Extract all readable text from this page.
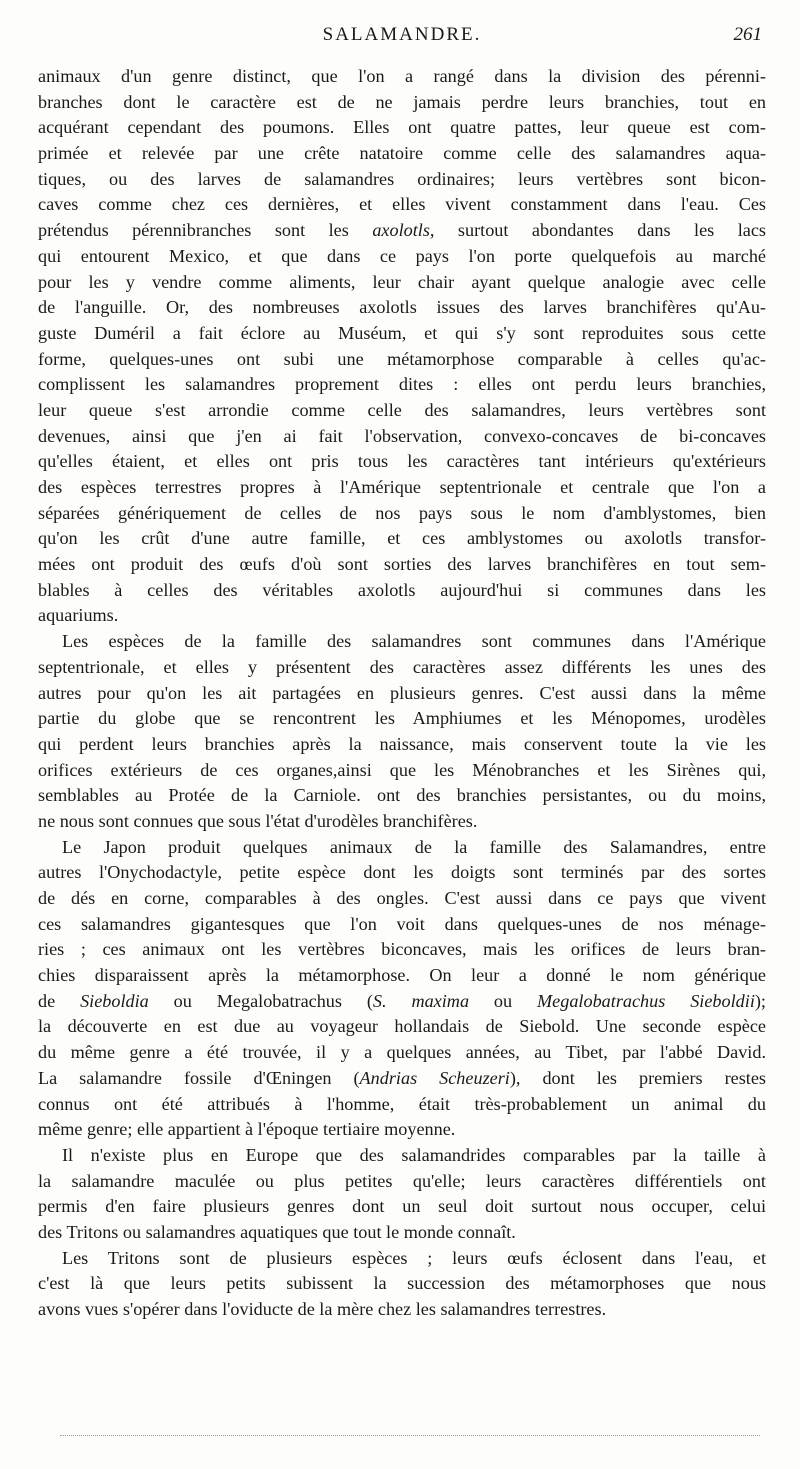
SALAMANDRE.	261
animaux d'un genre distinct, que l'on a rangé dans la division des pérenni-
branches dont le caractère est de ne jamais perdre leurs branchies, tout en
acquérant cependant des poumons. Elles ont quatre pattes, leur queue est com-
primée et relevée par une crête natatoire comme celle des salamandres aqua-
tiques, ou des larves de salamandres ordinaires; leurs vertèbres sont bicon-
caves comme chez ces dernières, et elles vivent constamment dans l'eau. Ces
prétendus pérennibranches sont les axolotls, surtout abondantes dans les lacs
qui entourent Mexico, et que dans ce pays l'on porte quelquefois au marché
pour les y vendre comme aliments, leur chair ayant quelque analogie avec celle
de l'anguille. Or, des nombreuses axolotls issues des larves branchifères qu'Au-
guste Duméril a fait éclore au Muséum, et qui s'y sont reproduites sous cette
forme, quelques-unes ont subi une métamorphose comparable à celles qu'ac-
complissent les salamandres proprement dites : elles ont perdu leurs branchies,
leur queue s'est arrondie comme celle des salamandres, leurs vertèbres sont
devenues, ainsi que j'en ai fait l'observation, convexo-concaves de bi-concaves
qu'elles étaient, et elles ont pris tous les caractères tant intérieurs qu'extérieurs
des espèces terrestres propres à l'Amérique septentrionale et centrale que l'on a
séparées génériquement de celles de nos pays sous le nom d'amblystomes, bien
qu'on les crût d'une autre famille, et ces amblystomes ou axolotls transfor-
mées ont produit des œufs d'où sont sorties des larves branchifères en tout sem-
blables à celles des véritables axolotls aujourd'hui si communes dans les
aquariums.
Les espèces de la famille des salamandres sont communes dans l'Amérique
septentrionale, et elles y présentent des caractères assez différents les unes des
autres pour qu'on les ait partagées en plusieurs genres. C'est aussi dans la même
partie du globe que se rencontrent les Amphiumes et les Ménopomes, urodèles
qui perdent leurs branchies après la naissance, mais conservent toute la vie les
orifices extérieurs de ces organes,ainsi que les Ménobranches et les Sirènes qui,
semblables au Protée de la Carniole. ont des branchies persistantes, ou du moins,
ne nous sont connues que sous l'état d'urodèles branchifères.
Le Japon produit quelques animaux de la famille des Salamandres, entre
autres l'Onychodactyle, petite espèce dont les doigts sont terminés par des sortes
de dés en corne, comparables à des ongles. C'est aussi dans ce pays que vivent
ces salamandres gigantesques que l'on voit dans quelques-unes de nos ménage-
ries ; ces animaux ont les vertèbres biconcaves, mais les orifices de leurs bran-
chies disparaissent après la métamorphose. On leur a donné le nom générique
de Sieboldia ou Megalobatrachus (S. maxima ou Megalobatrachus Sieboldii);
la découverte en est due au voyageur hollandais de Siebold. Une seconde espèce
du même genre a été trouvée, il y a quelques années, au Tibet, par l'abbé David.
La salamandre fossile d'Œningen (Andrias Scheuzeri), dont les premiers restes
connus ont été attribués à l'homme, était très-probablement un animal du
même genre; elle appartient à l'époque tertiaire moyenne.
Il n'existe plus en Europe que des salamandrides comparables par la taille à
la salamandre maculée ou plus petites qu'elle; leurs caractères différentiels ont
permis d'en faire plusieurs genres dont un seul doit surtout nous occuper, celui
des Tritons ou salamandres aquatiques que tout le monde connaît.
Les Tritons sont de plusieurs espèces ; leurs œufs éclosent dans l'eau, et
c'est là que leurs petits subissent la succession des métamorphoses que nous
avons vues s'opérer dans l'oviducte de la mère chez les salamandres terrestres.
